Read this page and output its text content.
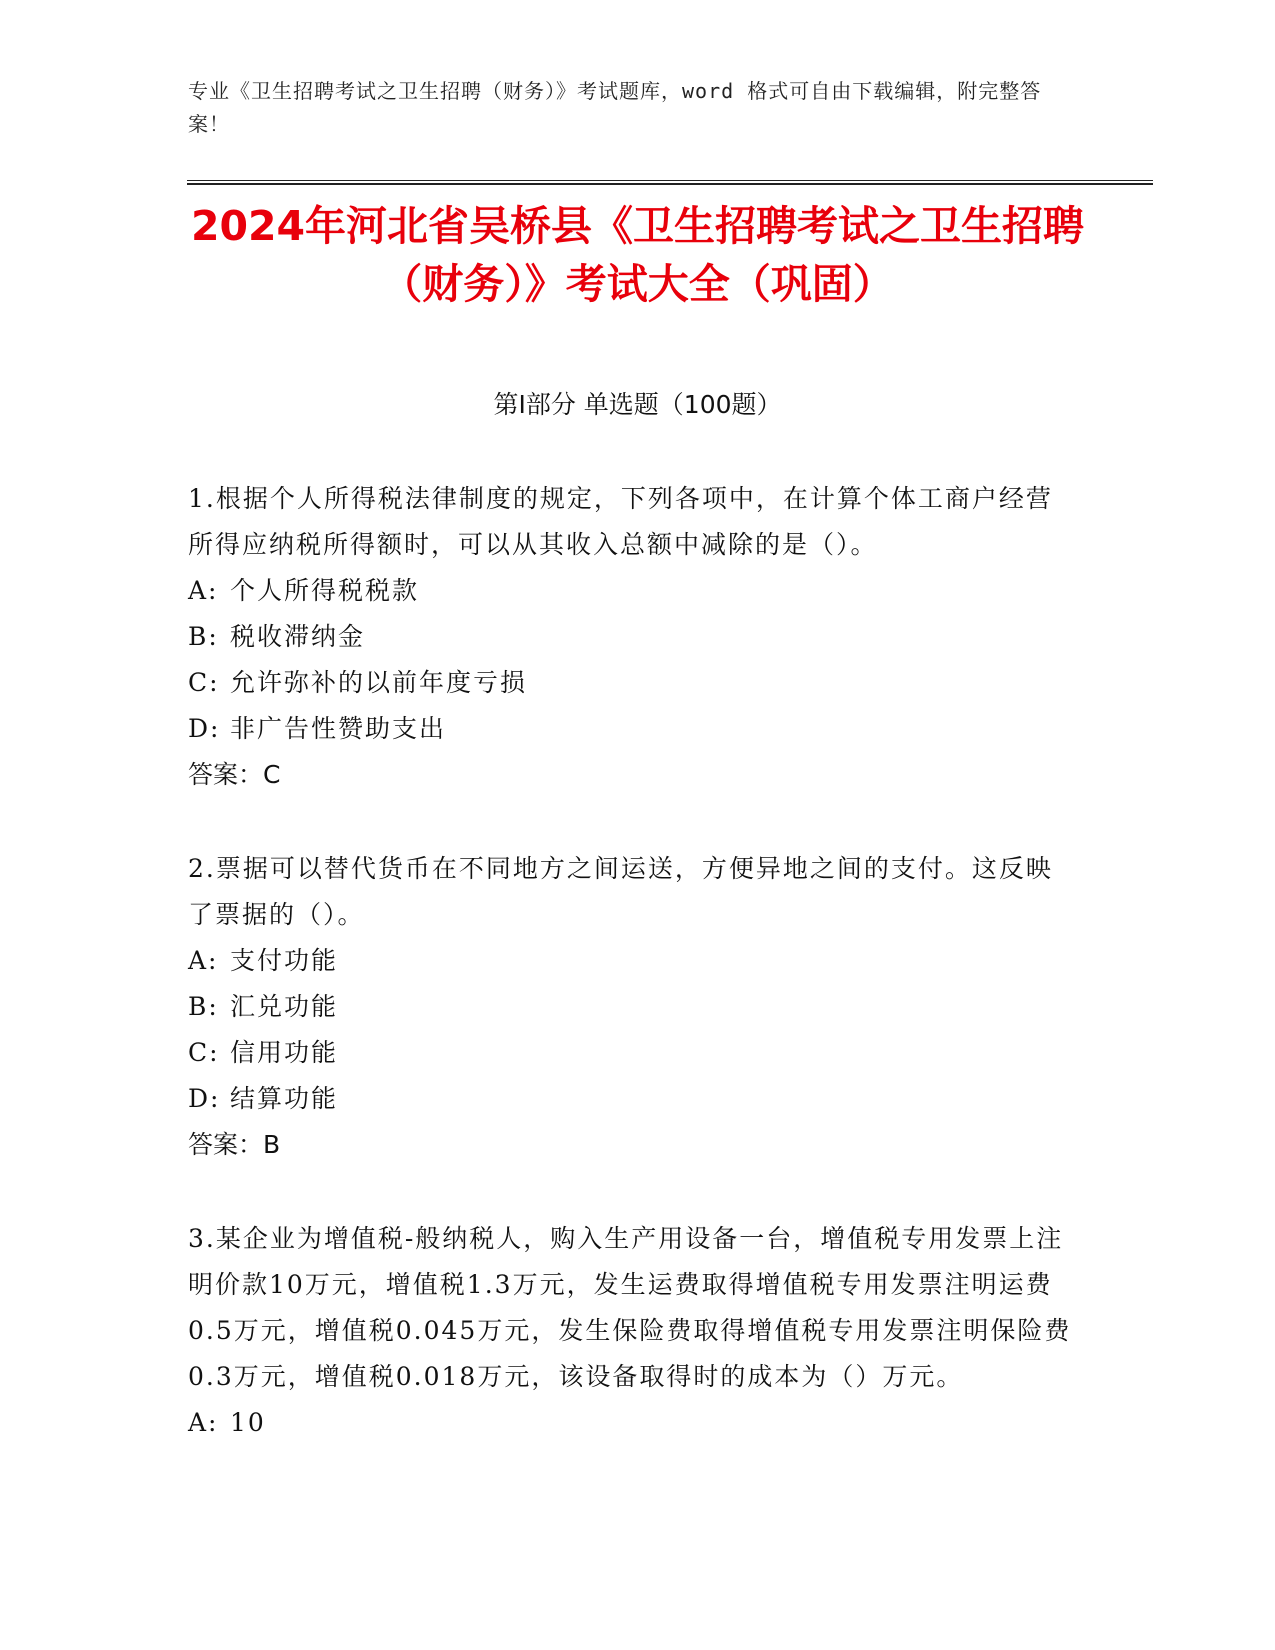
专业《卫生招聘考试之卫生招聘（财务）》考试题库，word 格式可自由下载编辑，附完整答案！
2024年河北省吴桥县《卫生招聘考试之卫生招聘（财务）》考试大全（巩固）
第Ⅰ部分 单选题（100题）

1.根据个人所得税法律制度的规定，下列各项中，在计算个体工商户经营所得应纳税所得额时，可以从其收入总额中减除的是（）。

A: 个人所得税税款

B: 税收滞纳金

C: 允许弥补的以前年度亏损

D: 非广告性赞助支出

答案：C

2.票据可以替代货币在不同地方之间运送，方便异地之间的支付。这反映了票据的（）。

A: 支付功能

B: 汇兑功能

C: 信用功能

D: 结算功能

答案：B

3.某企业为增值税-般纳税人，购入生产用设备一台，增值税专用发票上注明价款10万元，增值税1.3万元，发生运费取得增值税专用发票注明运费0.5万元，增值税0.045万元，发生保险费取得增值税专用发票注明保险费0.3万元，增值税0.018万元，该设备取得时的成本为（）万元。

A: 10
